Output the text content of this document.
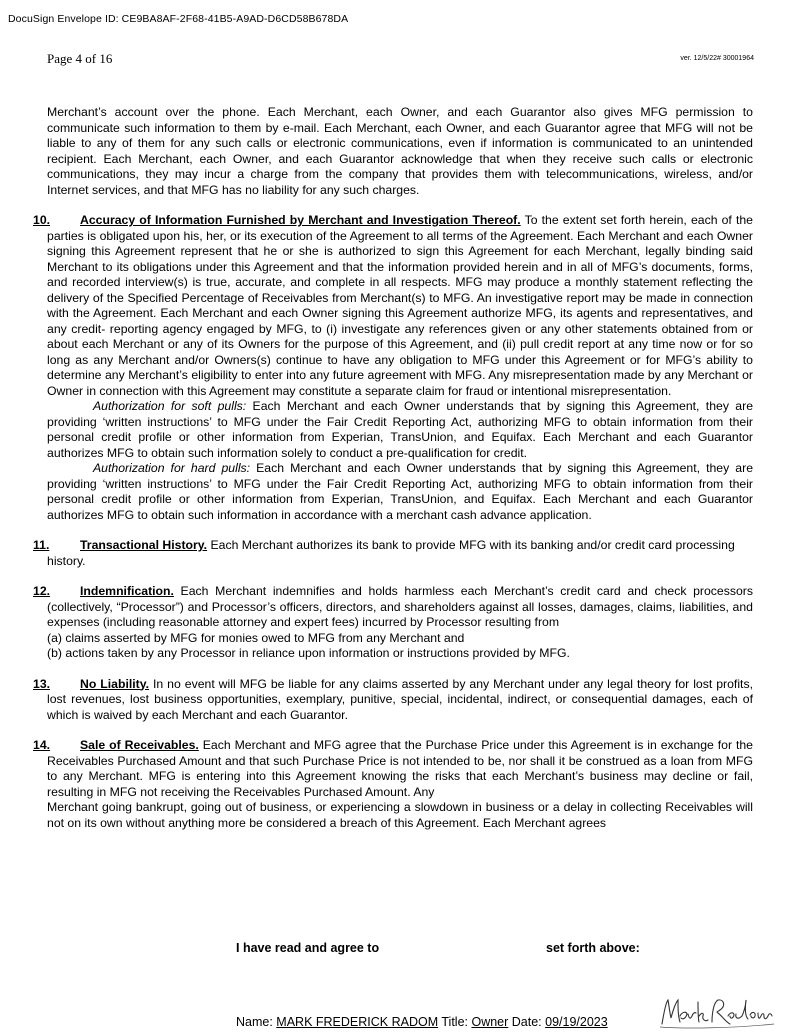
DocuSign Envelope ID: CE9BA8AF-2F68-41B5-A9AD-D6CD58B678DA
Page 4 of 16	ver. 12/5/22# 30001964

Merchant’s account over the phone. Each Merchant, each Owner, and each Guarantor also gives MFG permission to communicate such information to them by e-mail. Each Merchant, each Owner, and each Guarantor agree that MFG will not be liable to any of them for any such calls or electronic communications, even if information is communicated to an unintended recipient. Each Merchant, each Owner, and each Guarantor acknowledge that when they receive such calls or electronic communications, they may incur a charge from the company that provides them with telecommunications, wireless, and/or Internet services, and that MFG has no liability for any such charges.

10.	Accuracy of Information Furnished by Merchant and Investigation Thereof. To the extent set forth herein, each of the parties is obligated upon his, her, or its execution of the Agreement to all terms of the Agreement. Each Merchant and each Owner signing this Agreement represent that he or she is authorized to sign this Agreement for each Merchant, legally binding said Merchant to its obligations under this Agreement and that the information provided herein and in all of MFG’s documents, forms, and recorded interview(s) is true, accurate, and complete in all respects. MFG may produce a monthly statement reflecting the delivery of the Specified Percentage of Receivables from Merchant(s) to MFG. An investigative report may be made in connection with the Agreement. Each Merchant and each Owner signing this Agreement authorize MFG, its agents and representatives, and any credit- reporting agency engaged by MFG, to (i) investigate any references given or any other statements obtained from or about each Merchant or any of its Owners for the purpose of this Agreement, and (ii) pull credit report at any time now or for so long as any Merchant and/or Owners(s) continue to have any obligation to MFG under this Agreement or for MFG’s ability to determine any Merchant’s eligibility to enter into any future agreement with MFG. Any misrepresentation made by any Merchant or Owner in connection with this Agreement may constitute a separate claim for fraud or intentional misrepresentation.

Authorization for soft pulls: Each Merchant and each Owner understands that by signing this Agreement, they are providing ‘written instructions’ to MFG under the Fair Credit Reporting Act, authorizing MFG to obtain information from their personal credit profile or other information from Experian, TransUnion, and Equifax. Each Merchant and each Guarantor authorizes MFG to obtain such information solely to conduct a pre-qualification for credit.

Authorization for hard pulls: Each Merchant and each Owner understands that by signing this Agreement, they are providing ‘written instructions’ to MFG under the Fair Credit Reporting Act, authorizing MFG to obtain information from their personal credit profile or other information from Experian, TransUnion, and Equifax. Each Merchant and each Guarantor authorizes MFG to obtain such information in accordance with a merchant cash advance application.

11.	Transactional History. Each Merchant authorizes its bank to provide MFG with its banking and/or credit card processing history.

12.	Indemnification. Each Merchant indemnifies and holds harmless each Merchant’s credit card and check processors (collectively, “Processor”) and Processor’s officers, directors, and shareholders against all losses, damages, claims, liabilities, and expenses (including reasonable attorney and expert fees) incurred by Processor resulting from

(a) claims asserted by MFG for monies owed to MFG from any Merchant and

(b) actions taken by any Processor in reliance upon information or instructions provided by MFG.

13.	No Liability. In no event will MFG be liable for any claims asserted by any Merchant under any legal theory for lost profits, lost revenues, lost business opportunities, exemplary, punitive, special, incidental, indirect, or consequential damages, each of which is waived by each Merchant and each Guarantor.

14.	Sale of Receivables. Each Merchant and MFG agree that the Purchase Price under this Agreement is in exchange for the Receivables Purchased Amount and that such Purchase Price is not intended to be, nor shall it be construed as a loan from MFG to any Merchant. MFG is entering into this Agreement knowing the risks that each Merchant’s business may decline or fail, resulting in MFG not receiving the Receivables Purchased Amount. Any

Merchant going bankrupt, going out of business, or experiencing a slowdown in business or a delay in collecting Receivables will not on its own without anything more be considered a breach of this Agreement. Each Merchant agrees

I have read and agree to	set forth above:
Name: MARK FREDERICK RADOM Title: Owner Date: 09/19/2023
